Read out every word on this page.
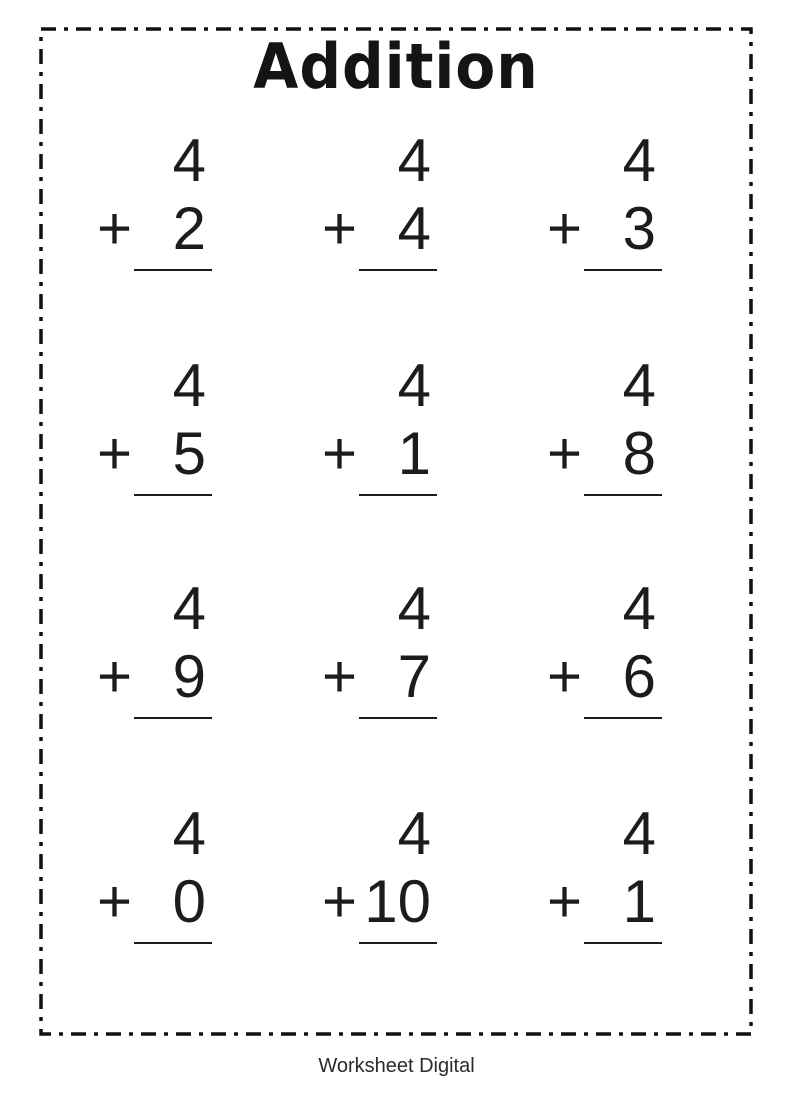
Addition
4
+ 2
4
+ 4
4
+ 3
4
+ 5
4
+ 1
4
+ 8
4
+ 9
4
+ 7
4
+ 6
4
+ 0
4
+ 10
4
+ 1
Worksheet Digital
